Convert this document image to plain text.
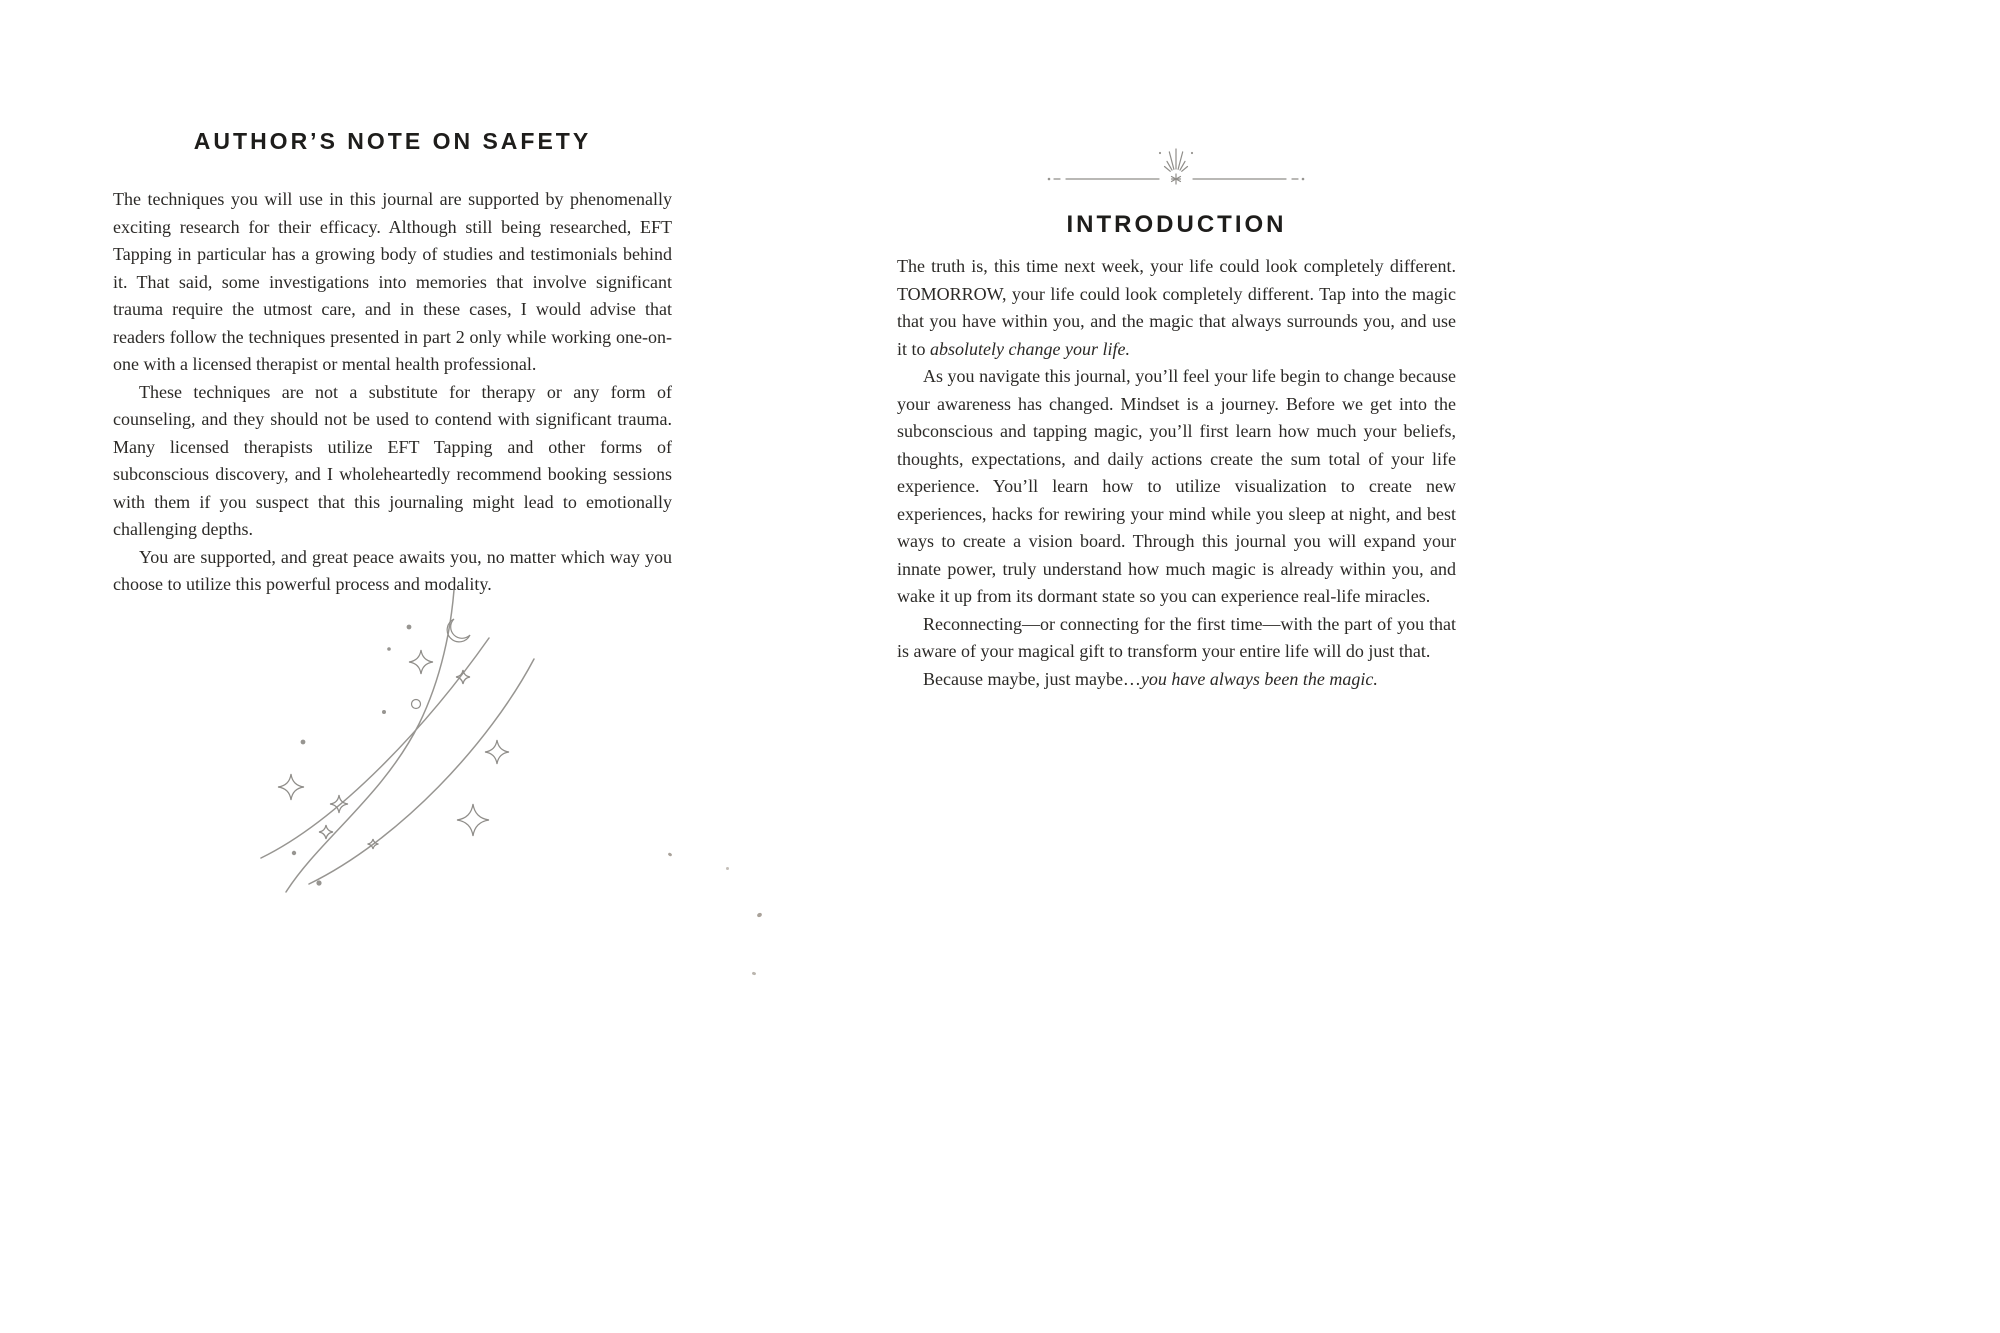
AUTHOR’S NOTE ON SAFETY

The techniques you will use in this journal are supported by phenomenally exciting research for their efficacy. Although still being researched, EFT Tapping in particular has a growing body of studies and testimonials behind it. That said, some investigations into memories that involve significant trauma require the utmost care, and in these cases, I would advise that readers follow the techniques presented in part 2 only while working one-on-one with a licensed therapist or mental health professional.

These techniques are not a substitute for therapy or any form of counseling, and they should not be used to contend with significant trauma. Many licensed therapists utilize EFT Tapping and other forms of subconscious discovery, and I wholeheartedly recommend booking sessions with them if you suspect that this journaling might lead to emotionally challenging depths.

You are supported, and great peace awaits you, no matter which way you choose to utilize this powerful process and modality.

INTRODUCTION

The truth is, this time next week, your life could look completely different. TOMORROW, your life could look completely different. Tap into the magic that you have within you, and the magic that always surrounds you, and use it to absolutely change your life.

As you navigate this journal, you’ll feel your life begin to change because your awareness has changed. Mindset is a journey. Before we get into the subconscious and tapping magic, you’ll first learn how much your beliefs, thoughts, expectations, and daily actions create the sum total of your life experience. You’ll learn how to utilize visualization to create new experiences, hacks for rewiring your mind while you sleep at night, and best ways to create a vision board. Through this journal you will expand your innate power, truly understand how much magic is already within you, and wake it up from its dormant state so you can experience real-life miracles.

Reconnecting—or connecting for the first time—with the part of you that is aware of your magical gift to transform your entire life will do just that.

Because maybe, just maybe…you have always been the magic.
